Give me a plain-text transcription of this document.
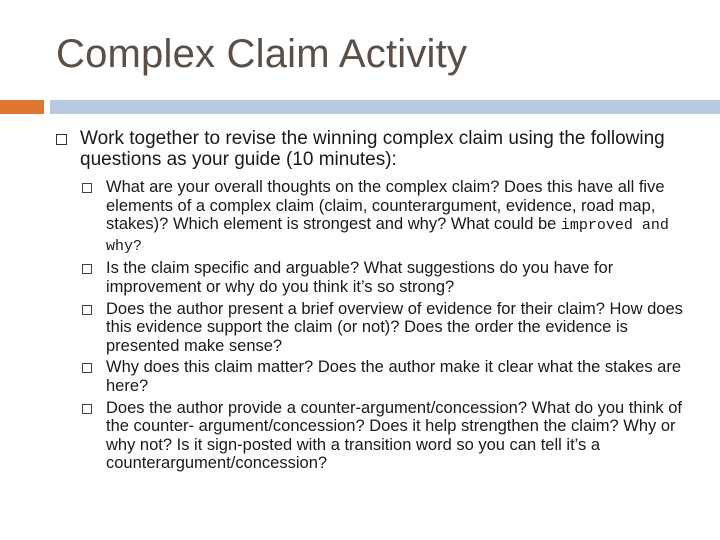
Complex Claim Activity
Work together to revise the winning complex claim using the following questions as your guide (10 minutes):
What are your overall thoughts on the complex claim? Does this have all five elements of a complex claim (claim, counterargument, evidence, road map, stakes)? Which element is strongest and why? What could be improved and why?
Is the claim specific and arguable? What suggestions do you have for improvement or why do you think it’s so strong?
Does the author present a brief overview of evidence for their claim? How does this evidence support the claim (or not)? Does the order the evidence is presented make sense?
Why does this claim matter? Does the author make it clear what the stakes are here?
Does the author provide a counter-argument/concession? What do you think of the counter- argument/concession? Does it help strengthen the claim? Why or why not? Is it sign-posted with a transition word so you can tell it’s a counterargument/concession?
